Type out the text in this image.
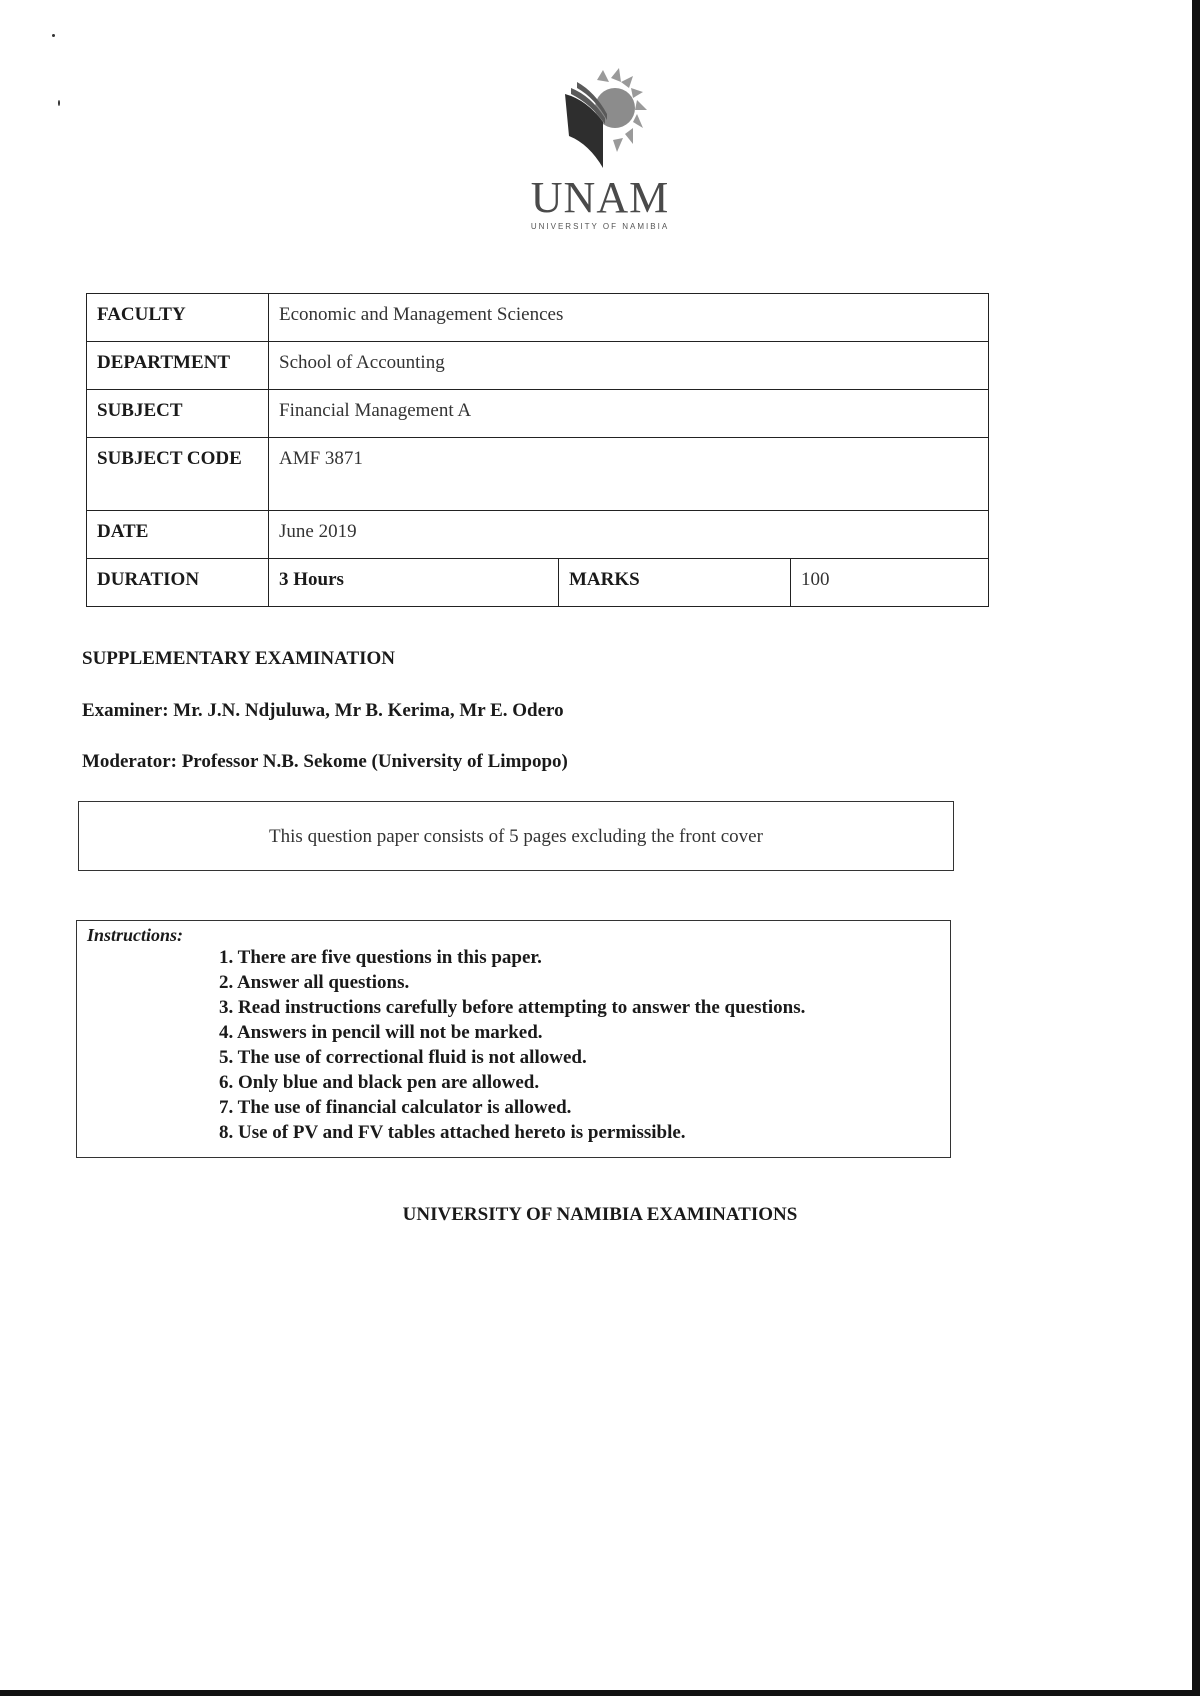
UNAM
UNIVERSITY OF NAMIBIA
FACULTY	Economic and Management Sciences		
DEPARTMENT	School of Accounting		
SUBJECT	Financial Management A		
SUBJECT CODE	AMF 3871		
DATE	June 2019		
DURATION	3 Hours	MARKS	100
SUPPLEMENTARY EXAMINATION
Examiner: Mr. J.N. Ndjuluwa, Mr B. Kerima, Mr E. Odero
Moderator: Professor N.B. Sekome (University of Limpopo)
This question paper consists of 5 pages excluding the front cover
Instructions:
1. There are five questions in this paper.
2. Answer all questions.
3. Read instructions carefully before attempting to answer the questions.
4. Answers in pencil will not be marked.
5. The use of correctional fluid is not allowed.
6. Only blue and black pen are allowed.
7. The use of financial calculator is allowed.
8. Use of PV and FV tables attached hereto is permissible.
UNIVERSITY OF NAMIBIA EXAMINATIONS
